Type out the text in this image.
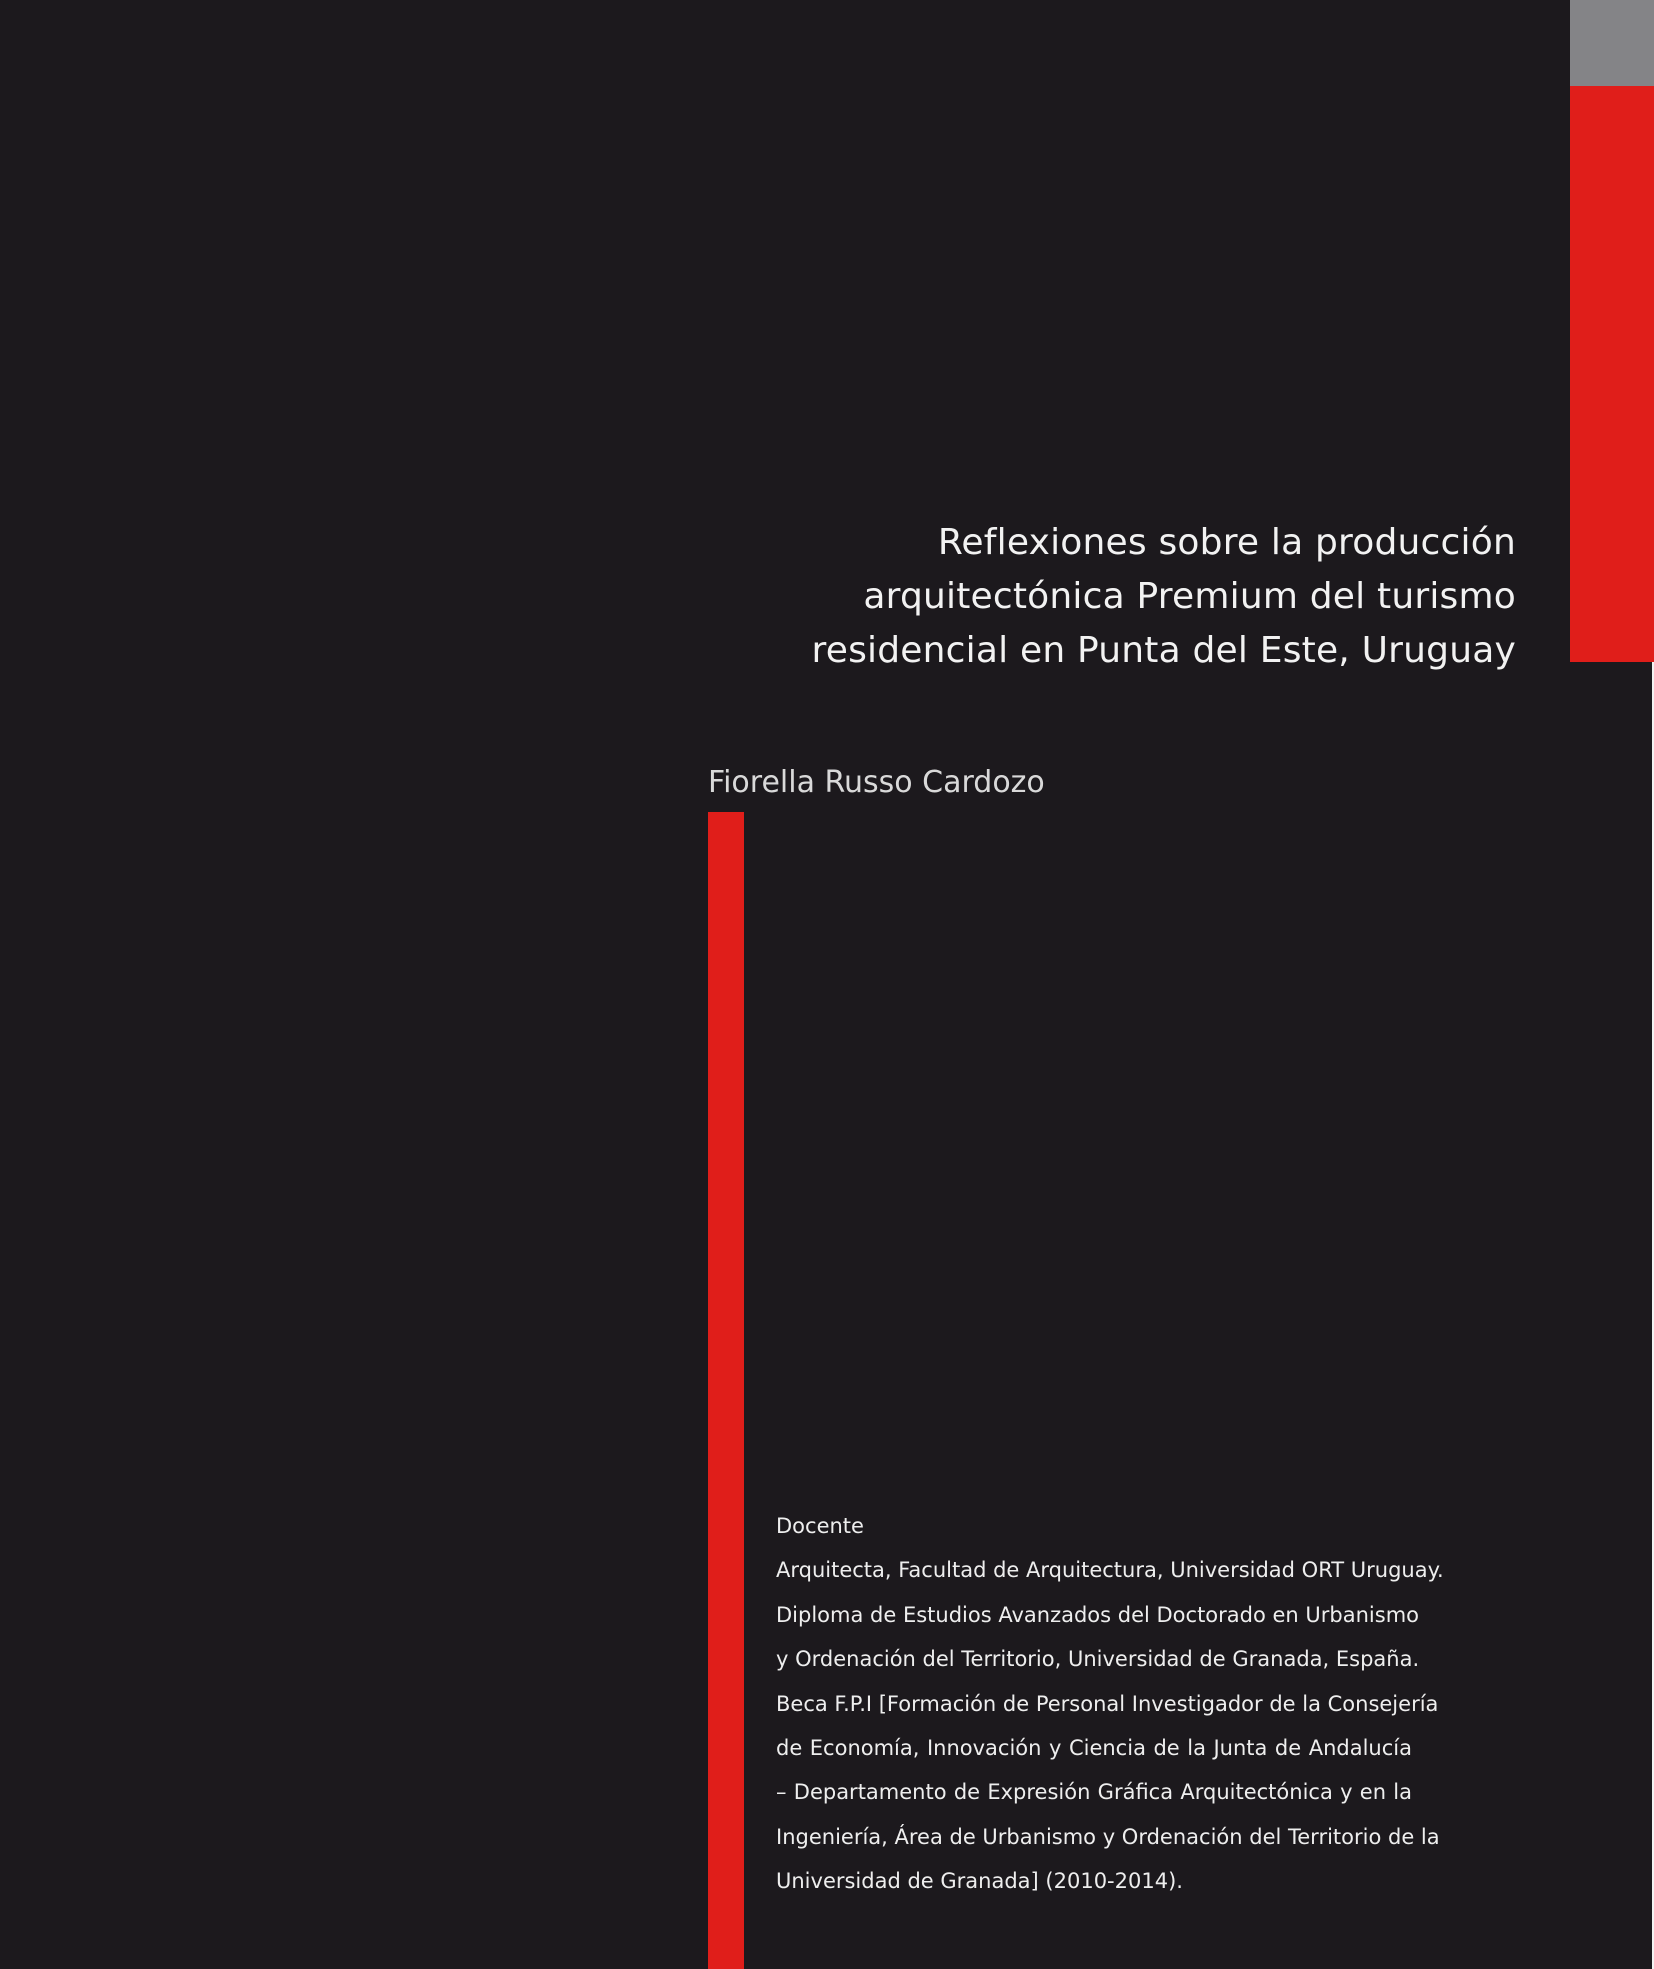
Reflexiones sobre la producción
arquitectónica Premium del turismo
residencial en Punta del Este, Uruguay

Fiorella Russo Cardozo

Docente
Arquitecta, Facultad de Arquitectura, Universidad ORT Uruguay.
Diploma de Estudios Avanzados del Doctorado en Urbanismo
y Ordenación del Territorio, Universidad de Granada, España.
Beca F.P.I [Formación de Personal Investigador de la Consejería
de Economía, Innovación y Ciencia de la Junta de Andalucía
– Departamento de Expresión Gráfica Arquitectónica y en la
Ingeniería, Área de Urbanismo y Ordenación del Territorio de la
Universidad de Granada] (2010-2014).
